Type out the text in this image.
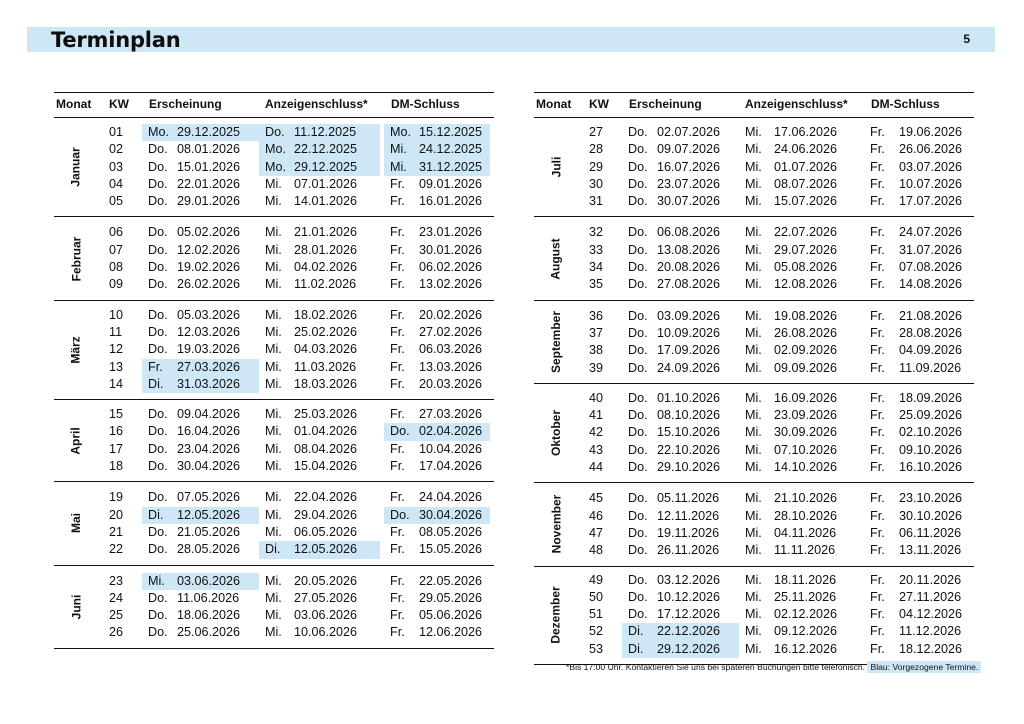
Terminplan	5
Monat KW Erscheinung	Anzeigenschluss* DM-Schluss
Januar
01	Mo. 29.12.2025	Do. 11.12.2025	Mo. 15.12.2025
02	Do. 08.01.2026	Mo. 22.12.2025	Mi. 24.12.2025
03	Do. 15.01.2026	Mo. 29.12.2025	Mi. 31.12.2025
04	Do. 22.01.2026	Mi. 07.01.2026	Fr. 09.01.2026
05	Do. 29.01.2026	Mi. 14.01.2026	Fr. 16.01.2026
Februar
06	Do. 05.02.2026	Mi. 21.01.2026	Fr. 23.01.2026
07	Do. 12.02.2026	Mi. 28.01.2026	Fr. 30.01.2026
08	Do. 19.02.2026	Mi. 04.02.2026	Fr. 06.02.2026
09	Do. 26.02.2026	Mi. 11.02.2026	Fr. 13.02.2026
März
10	Do. 05.03.2026	Mi. 18.02.2026	Fr. 20.02.2026
11	Do. 12.03.2026	Mi. 25.02.2026	Fr. 27.02.2026
12	Do. 19.03.2026	Mi. 04.03.2026	Fr. 06.03.2026
13	Fr. 27.03.2026	Mi. 11.03.2026	Fr. 13.03.2026
14	Di. 31.03.2026	Mi. 18.03.2026	Fr. 20.03.2026
April
15	Do. 09.04.2026	Mi. 25.03.2026	Fr. 27.03.2026
16	Do. 16.04.2026	Mi. 01.04.2026	Do. 02.04.2026
17	Do. 23.04.2026	Mi. 08.04.2026	Fr. 10.04.2026
18	Do. 30.04.2026	Mi. 15.04.2026	Fr. 17.04.2026
Mai
19	Do. 07.05.2026	Mi. 22.04.2026	Fr. 24.04.2026
20	Di. 12.05.2026	Mi. 29.04.2026	Do. 30.04.2026
21	Do. 21.05.2026	Mi. 06.05.2026	Fr. 08.05.2026
22	Do. 28.05.2026	Di. 12.05.2026	Fr. 15.05.2026
Juni
23	Mi. 03.06.2026	Mi. 20.05.2026	Fr. 22.05.2026
24	Do. 11.06.2026	Mi. 27.05.2026	Fr. 29.05.2026
25	Do. 18.06.2026	Mi. 03.06.2026	Fr. 05.06.2026
26	Do. 25.06.2026	Mi. 10.06.2026	Fr. 12.06.2026
Monat KW Erscheinung	Anzeigenschluss* DM-Schluss
Juli
27	Do. 02.07.2026	Mi. 17.06.2026	Fr. 19.06.2026
28	Do. 09.07.2026	Mi. 24.06.2026	Fr. 26.06.2026
29	Do. 16.07.2026	Mi. 01.07.2026	Fr. 03.07.2026
30	Do. 23.07.2026	Mi. 08.07.2026	Fr. 10.07.2026
31	Do. 30.07.2026	Mi. 15.07.2026	Fr. 17.07.2026
August
32	Do. 06.08.2026	Mi. 22.07.2026	Fr. 24.07.2026
33	Do. 13.08.2026	Mi. 29.07.2026	Fr. 31.07.2026
34	Do. 20.08.2026	Mi. 05.08.2026	Fr. 07.08.2026
35	Do. 27.08.2026	Mi. 12.08.2026	Fr. 14.08.2026
September 36	Do. 03.09.2026	Mi. 19.08.2026	Fr. 21.08.2026
37	Do. 10.09.2026	Mi. 26.08.2026	Fr. 28.08.2026
38	Do. 17.09.2026	Mi. 02.09.2026	Fr. 04.09.2026
39	Do. 24.09.2026	Mi. 09.09.2026	Fr. 11.09.2026
Oktober
40	Do. 01.10.2026	Mi. 16.09.2026	Fr. 18.09.2026
41	Do. 08.10.2026	Mi. 23.09.2026	Fr. 25.09.2026
42	Do. 15.10.2026	Mi. 30.09.2026	Fr. 02.10.2026
43	Do. 22.10.2026	Mi. 07.10.2026	Fr. 09.10.2026
44	Do. 29.10.2026	Mi. 14.10.2026	Fr. 16.10.2026
November 45	Do. 05.11.2026	Mi. 21.10.2026	Fr. 23.10.2026
46	Do. 12.11.2026	Mi. 28.10.2026	Fr. 30.10.2026
47	Do. 19.11.2026	Mi. 04.11.2026	Fr. 06.11.2026
48	Do. 26.11.2026	Mi. 11.11.2026	Fr. 13.11.2026
Dezember
49	Do. 03.12.2026	Mi. 18.11.2026	Fr. 20.11.2026
50	Do. 10.12.2026	Mi. 25.11.2026	Fr. 27.11.2026
51	Do. 17.12.2026	Mi. 02.12.2026	Fr. 04.12.2026
52	Di. 22.12.2026	Mi. 09.12.2026	Fr. 11.12.2026
53	Di. 29.12.2026	Mi. 16.12.2026	Fr. 18.12.2026
*Bis 17:00 Uhr. Kontaktieren Sie uns bei späteren Buchungen bitte telefonisch. Blau: Vorgezogene Termine.
